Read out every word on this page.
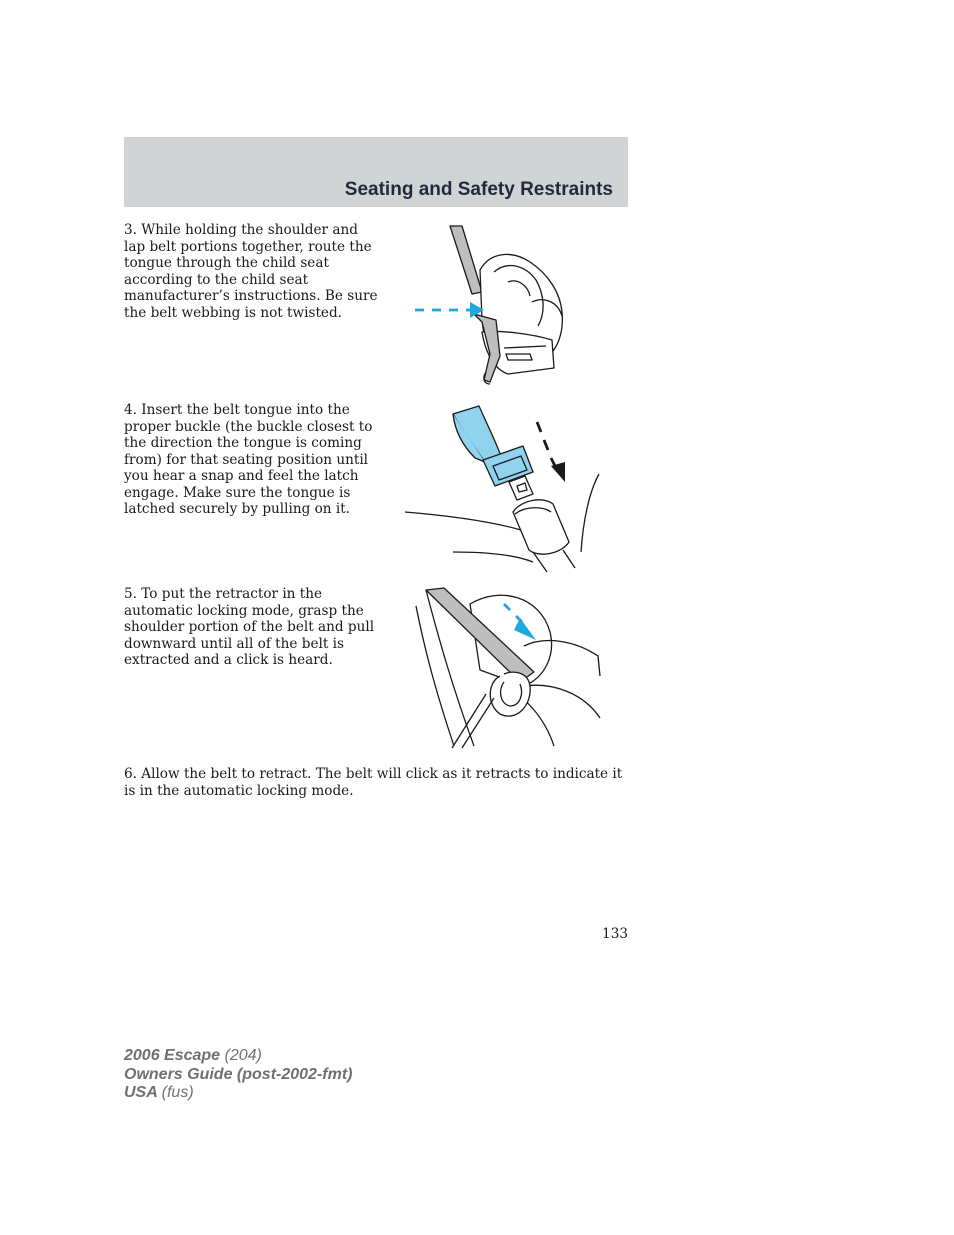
Seating and Safety Restraints

3. While holding the shoulder and lap belt portions together, route the tongue through the child seat according to the child seat manufacturer’s instructions. Be sure the belt webbing is not twisted.

4. Insert the belt tongue into the proper buckle (the buckle closest to the direction the tongue is coming from) for that seating position until you hear a snap and feel the latch engage. Make sure the tongue is latched securely by pulling on it.

5. To put the retractor in the automatic locking mode, grasp the shoulder portion of the belt and pull downward until all of the belt is extracted and a click is heard.

6. Allow the belt to retract. The belt will click as it retracts to indicate it is in the automatic locking mode.

133
2006 Escape (204)
Owners Guide (post-2002-fmt)
USA (fus)
